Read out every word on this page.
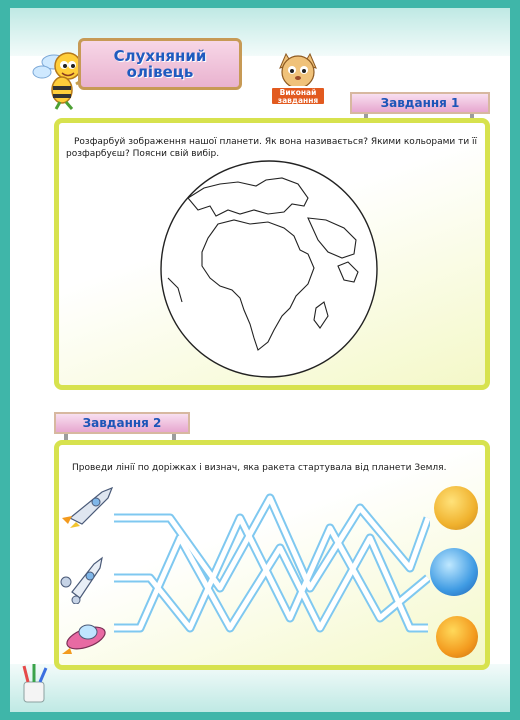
Слухняний олівець
Виконай завдання	Завдання 1
Розфарбуй зображення нашої планети. Як вона називається? Якими кольорами ти її розфарбуєш? Поясни свій вибір.
Завдання 2
Проведи лінії по доріжках і визнач, яка ракета стартувала від планети Земля.
